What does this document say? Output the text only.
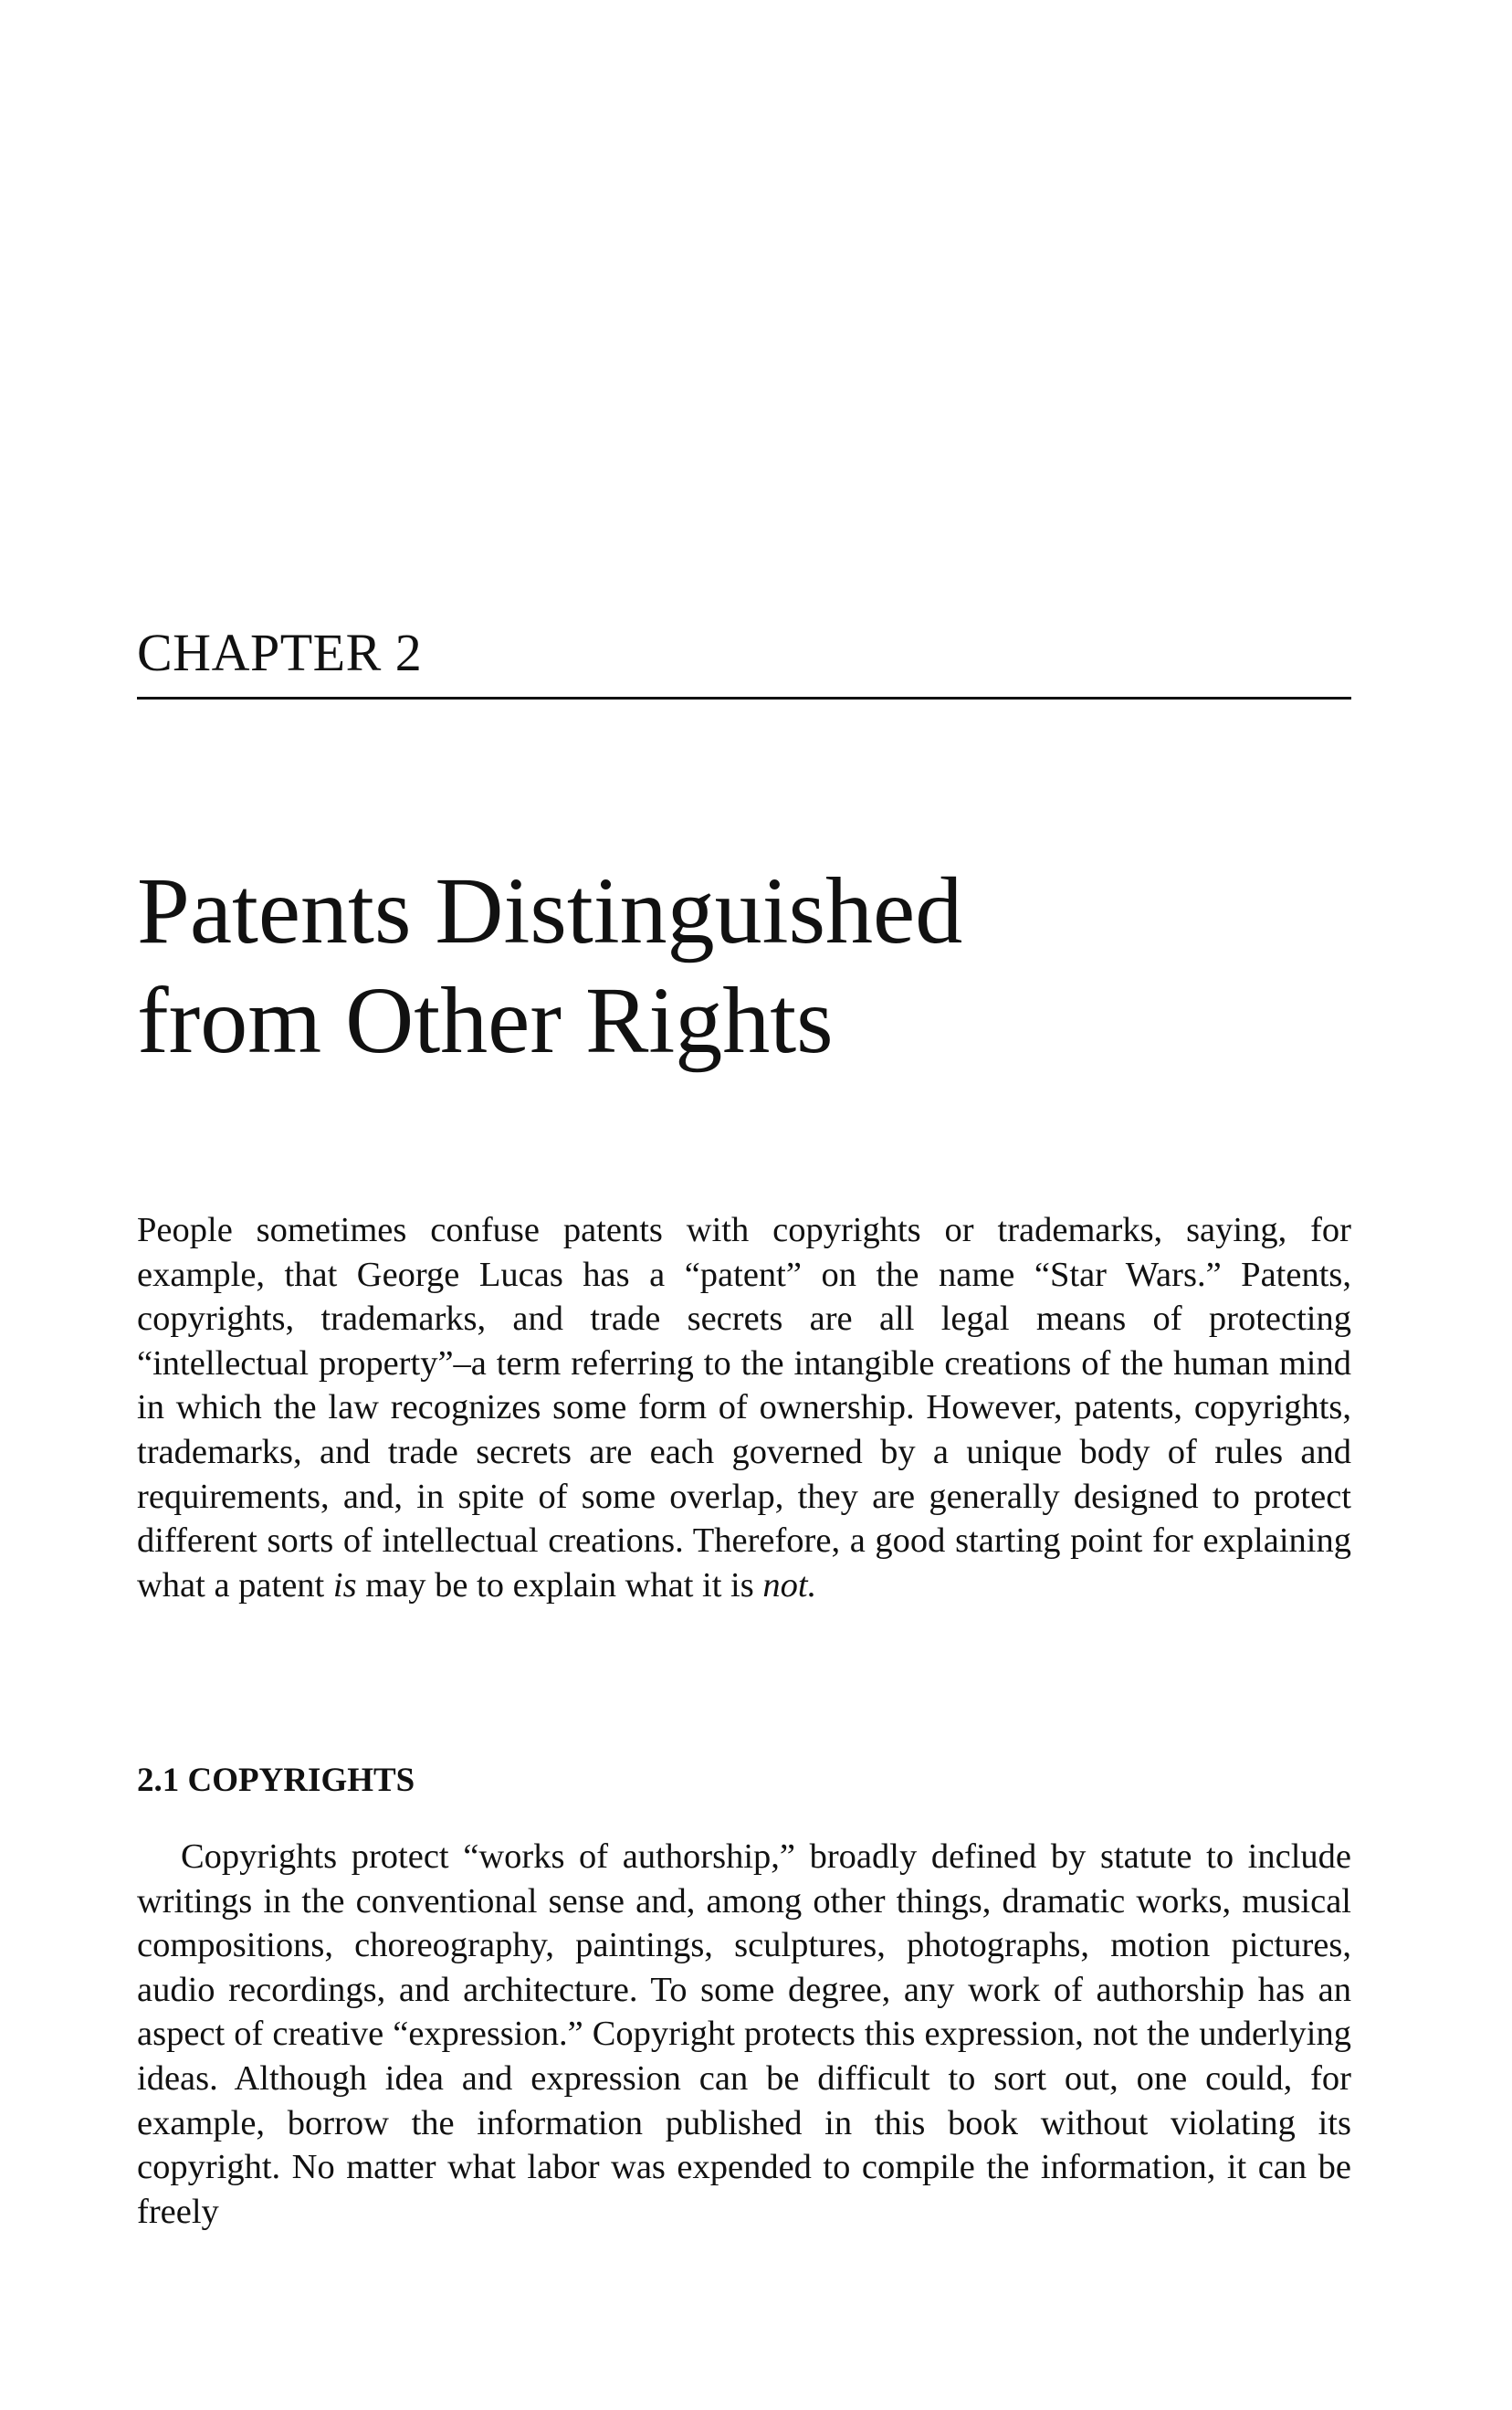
CHAPTER 2
Patents Distinguished
from Other Rights

People sometimes confuse patents with copyrights or trademarks, saying, for example, that George Lucas has a “patent” on the name “Star Wars.” Patents, copyrights, trademarks, and trade secrets are all legal means of protecting “intellectual property”–a term referring to the intangible creations of the human mind in which the law recognizes some form of ownership. However, patents, copyrights, trademarks, and trade secrets are each governed by a unique body of rules and requirements, and, in spite of some overlap, they are generally designed to protect different sorts of intellectual creations. Therefore, a good starting point for explaining what a patent is may be to explain what it is not.

2.1 COPYRIGHTS

Copyrights protect “works of authorship,” broadly defined by statute to include writings in the conventional sense and, among other things, dramatic works, musical compositions, choreography, paintings, sculptures, photographs, motion pictures, audio recordings, and architecture. To some degree, any work of authorship has an aspect of creative “expression.” Copyright protects this expression, not the underlying ideas. Although idea and expression can be difficult to sort out, one could, for example, borrow the information published in this book without violating its copyright. No matter what labor was expended to compile the information, it can be freely
